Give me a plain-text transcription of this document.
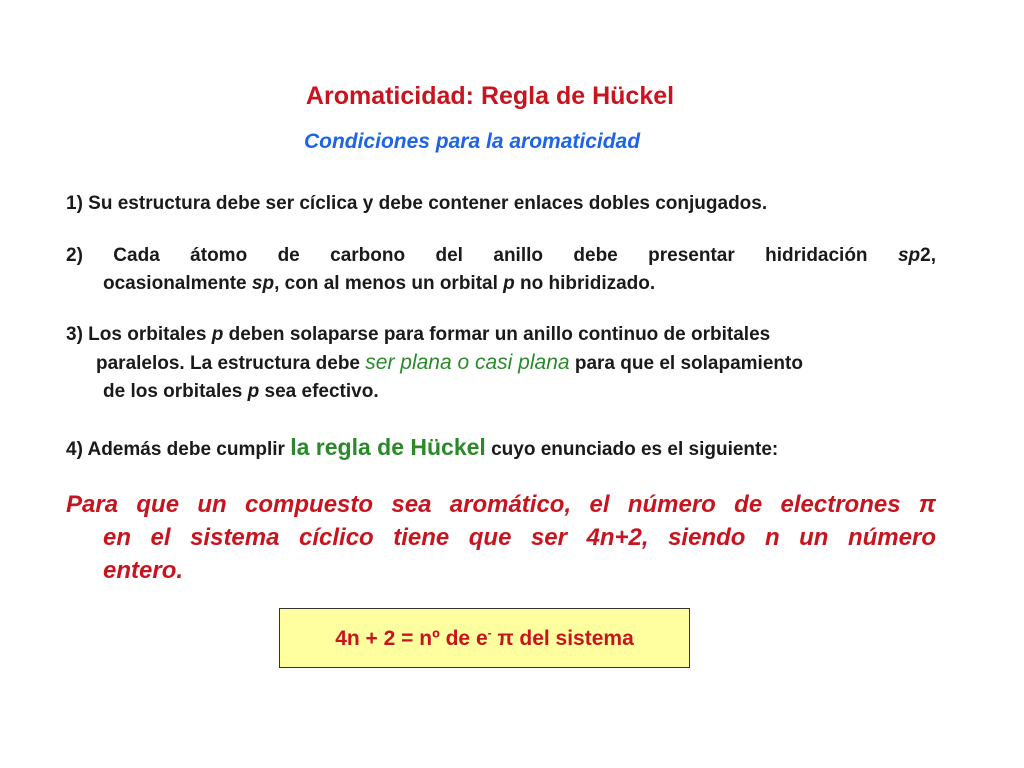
Aromaticidad: Regla de Hückel
Condiciones para la aromaticidad
1) Su estructura debe ser cíclica y debe contener enlaces dobles conjugados.
2) Cada átomo de carbono del anillo debe presentar hidridación sp2,
ocasionalmente sp, con al menos un orbital p no hibridizado.
3) Los orbitales p deben solaparse para formar un anillo continuo de orbitales
paralelos. La estructura debe ser plana o casi plana para que el solapamiento
de los orbitales p sea efectivo.
4) Además debe cumplir la regla de Hückel cuyo enunciado es el siguiente:
Para que un compuesto sea aromático, el número de electrones π
en el sistema cíclico tiene que ser 4n+2, siendo n un número
entero.
4n + 2 = nº de e- π del sistema
